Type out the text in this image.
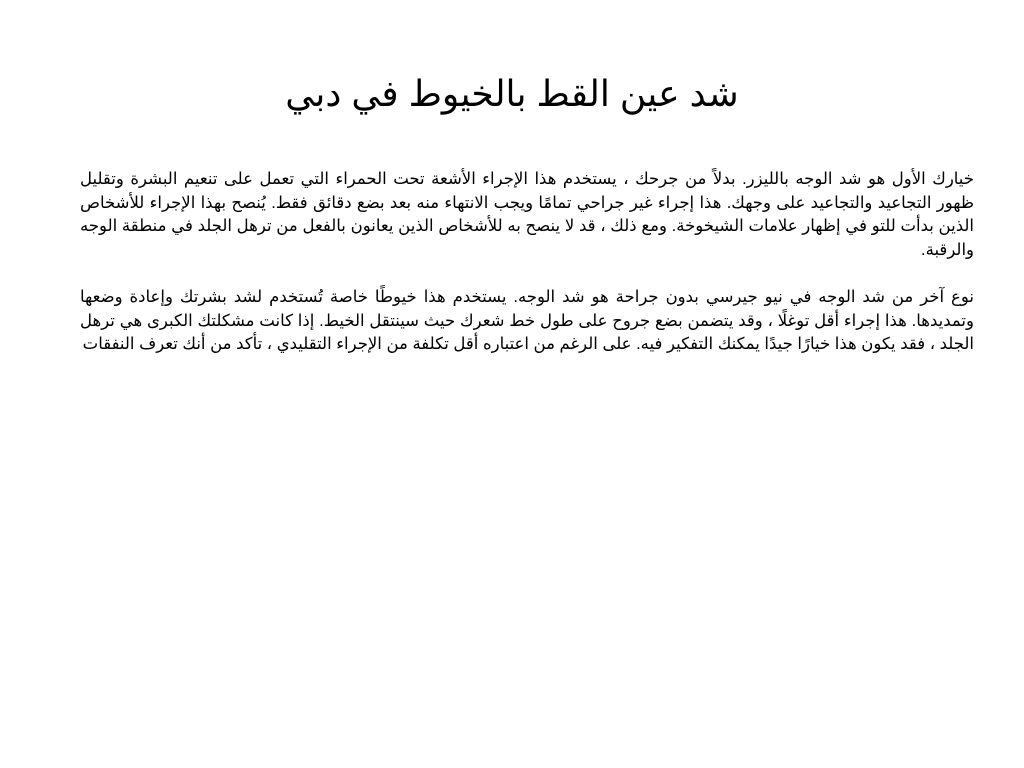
شد عين القط بالخيوط في دبي

خيارك الأول هو شد الوجه بالليزر. بدلاً من جرحك ، يستخدم هذا الإجراء الأشعة تحت الحمراء التي تعمل على تنعيم البشرة وتقليل ظهور التجاعيد والتجاعيد على وجهك. هذا إجراء غير جراحي تمامًا ويجب الانتهاء منه بعد بضع دقائق فقط. يُنصح بهذا الإجراء للأشخاص الذين بدأت للتو في إظهار علامات الشيخوخة. ومع ذلك ، قد لا ينصح به للأشخاص الذين يعانون بالفعل من ترهل الجلد في منطقة الوجه والرقبة.

نوع آخر من شد الوجه في نيو جيرسي بدون جراحة هو شد الوجه. يستخدم هذا خيوطًا خاصة تُستخدم لشد بشرتك وإعادة وضعها وتمديدها. هذا إجراء أقل توغلًا ، وقد يتضمن بضع جروح على طول خط شعرك حيث سينتقل الخيط. إذا كانت مشكلتك الكبرى هي ترهل الجلد ، فقد يكون هذا خيارًا جيدًا يمكنك التفكير فيه. على الرغم من اعتباره أقل تكلفة من الإجراء التقليدي ، تأكد من أنك تعرف النفقات
